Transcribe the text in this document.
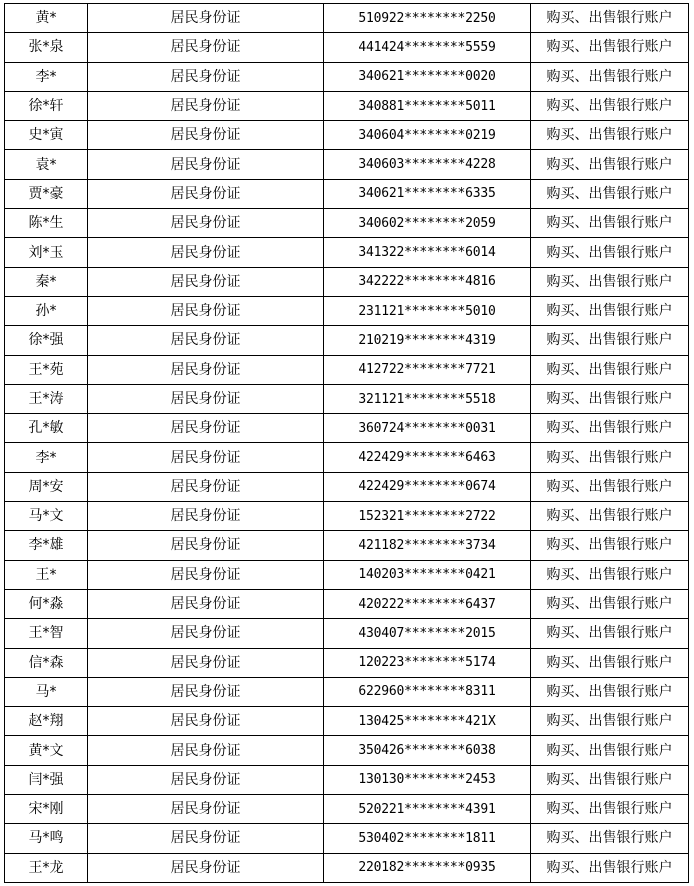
黄*	居民身份证	510922********2250	购买、出售银行账户
张*泉	居民身份证	441424********5559	购买、出售银行账户
李*	居民身份证	340621********0020	购买、出售银行账户
徐*轩	居民身份证	340881********5011	购买、出售银行账户
史*寅	居民身份证	340604********0219	购买、出售银行账户
袁*	居民身份证	340603********4228	购买、出售银行账户
贾*豪	居民身份证	340621********6335	购买、出售银行账户
陈*生	居民身份证	340602********2059	购买、出售银行账户
刘*玉	居民身份证	341322********6014	购买、出售银行账户
秦*	居民身份证	342222********4816	购买、出售银行账户
孙*	居民身份证	231121********5010	购买、出售银行账户
徐*强	居民身份证	210219********4319	购买、出售银行账户
王*苑	居民身份证	412722********7721	购买、出售银行账户
王*涛	居民身份证	321121********5518	购买、出售银行账户
孔*敏	居民身份证	360724********0031	购买、出售银行账户
李*	居民身份证	422429********6463	购买、出售银行账户
周*安	居民身份证	422429********0674	购买、出售银行账户
马*文	居民身份证	152321********2722	购买、出售银行账户
李*雄	居民身份证	421182********3734	购买、出售银行账户
王*	居民身份证	140203********0421	购买、出售银行账户
何*淼	居民身份证	420222********6437	购买、出售银行账户
王*智	居民身份证	430407********2015	购买、出售银行账户
信*森	居民身份证	120223********5174	购买、出售银行账户
马*	居民身份证	622960********8311	购买、出售银行账户
赵*翔	居民身份证	130425********421X	购买、出售银行账户
黄*文	居民身份证	350426********6038	购买、出售银行账户
闫*强	居民身份证	130130********2453	购买、出售银行账户
宋*刚	居民身份证	520221********4391	购买、出售银行账户
马*鸣	居民身份证	530402********1811	购买、出售银行账户
王*龙	居民身份证	220182********0935	购买、出售银行账户
